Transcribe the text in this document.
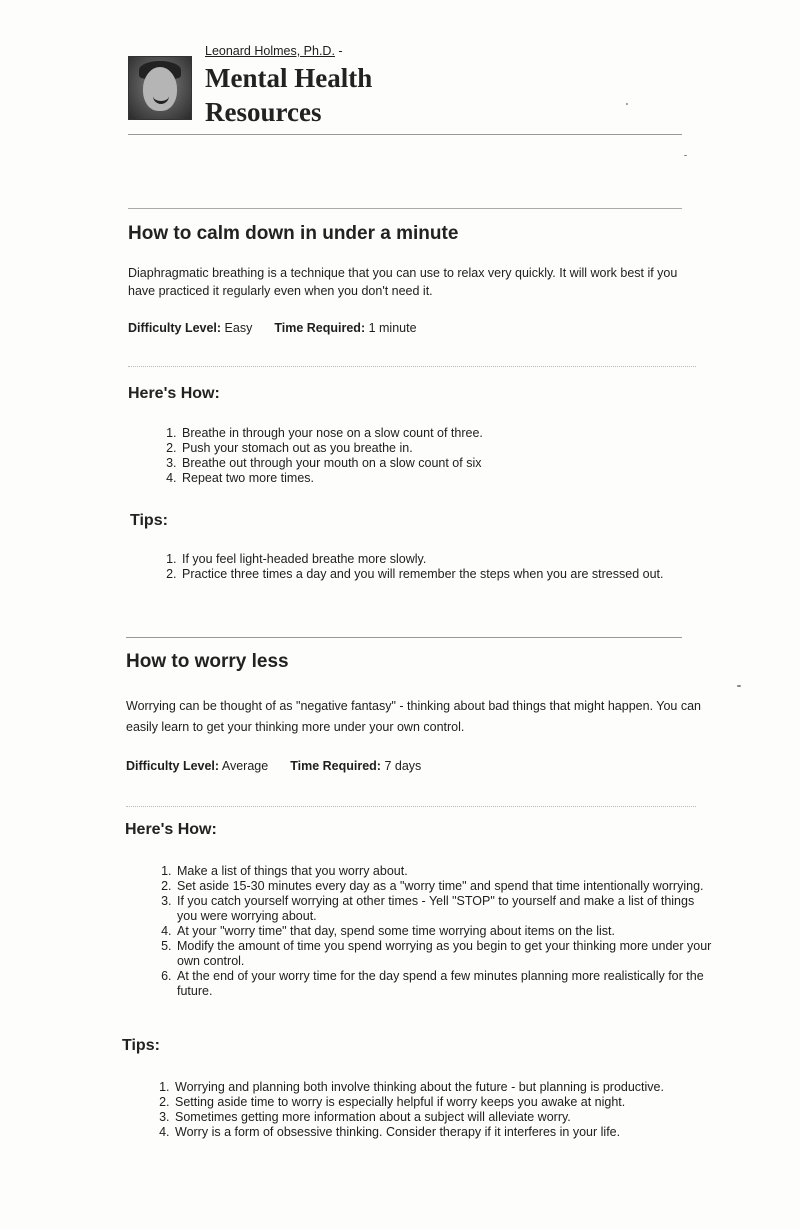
Leonard Holmes, Ph.D. -
Mental Health
Resources
How to calm down in under a minute
Diaphragmatic breathing is a technique that you can use to relax very quickly. It will work best if you have practiced it regularly even when you don't need it.
Difficulty Level: Easy Time Required: 1 minute
Here's How:
1. Breathe in through your nose on a slow count of three.
2. Push your stomach out as you breathe in.
3. Breathe out through your mouth on a slow count of six
4. Repeat two more times.
Tips:
1. If you feel light-headed breathe more slowly.
2. Practice three times a day and you will remember the steps when you are stressed out.
How to worry less
Worrying can be thought of as "negative fantasy" - thinking about bad things that might happen. You can easily learn to get your thinking more under your own control.
Difficulty Level: Average Time Required: 7 days
Here's How:
1. Make a list of things that you worry about.
2. Set aside 15-30 minutes every day as a "worry time" and spend that time intentionally worrying.
3. If you catch yourself worrying at other times - Yell "STOP" to yourself and make a list of things you were worrying about.
4. At your "worry time" that day, spend some time worrying about items on the list.
5. Modify the amount of time you spend worrying as you begin to get your thinking more under your own control.
6. At the end of your worry time for the day spend a few minutes planning more realistically for the future.
Tips:
1. Worrying and planning both involve thinking about the future - but planning is productive.
2. Setting aside time to worry is especially helpful if worry keeps you awake at night.
3. Sometimes getting more information about a subject will alleviate worry.
4. Worry is a form of obsessive thinking. Consider therapy if it interferes in your life.
